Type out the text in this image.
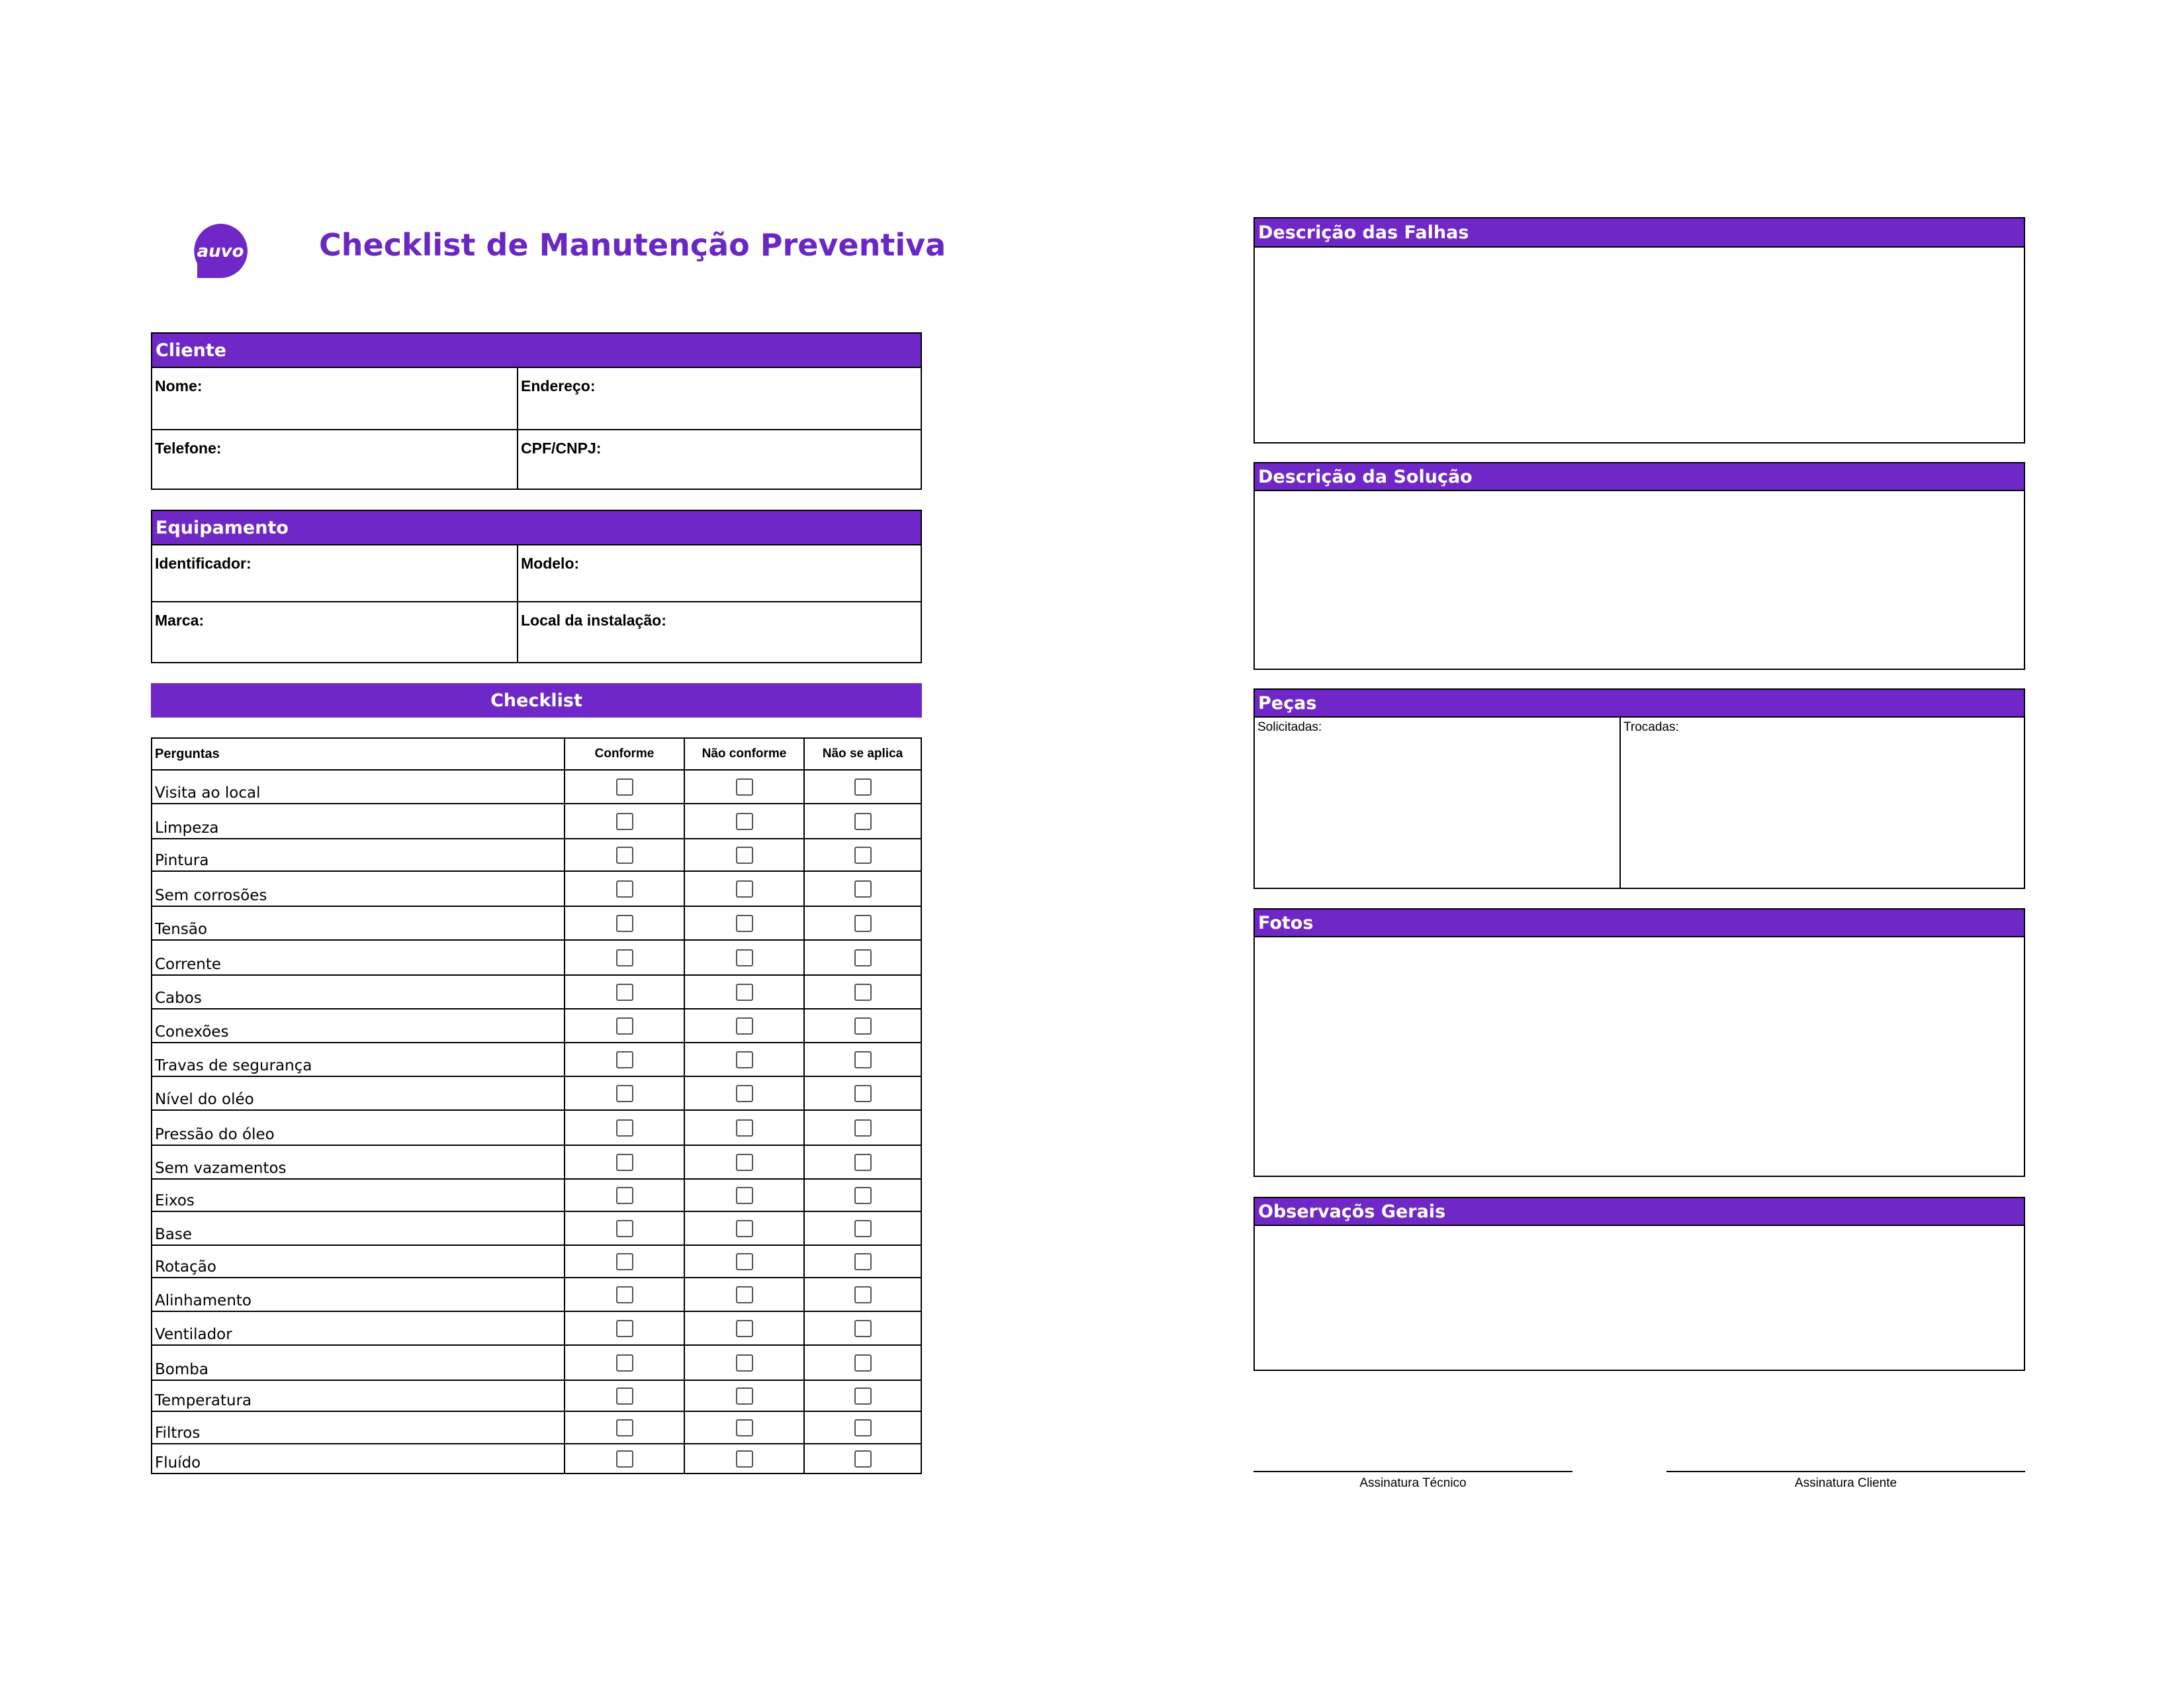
auvo Checklist de Manutenção Preventiva
Cliente
Nome:	Endereço:
Telefone:	CPF/CNPJ:
Equipamento
Identificador:	Modelo:
Marca:	Local da instalação:
Checklist
Perguntas	Conforme	Não conforme	Não se aplica
Visita ao local
Limpeza
Pintura
Sem corrosões
Tensão
Corrente
Cabos
Conexões
Travas de segurança
Nível do oléo
Pressão do óleo
Sem vazamentos
Eixos
Base
Rotação
Alinhamento
Ventilador
Bomba
Temperatura
Filtros
Fluído
Descrição das Falhas
Descrição da Solução
Peças
Solicitadas:	Trocadas:
Fotos
Observaçõs Gerais
Assinatura Técnico	Assinatura Cliente
